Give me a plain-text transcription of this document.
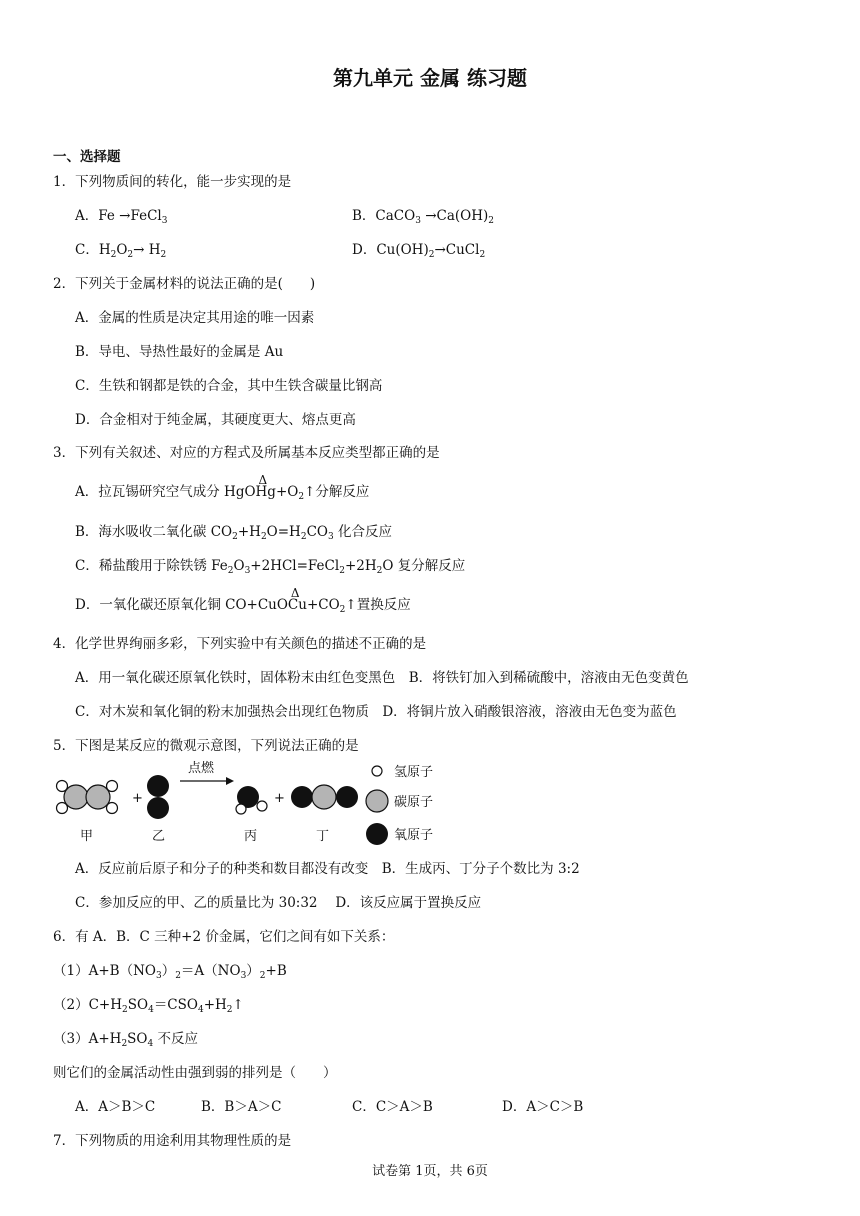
第九单元 金属 练习题
一、选择题
1．下列物质间的转化，能一步实现的是
A．Fe →FeCl$_3$	B．CaCO$_3$ $\to Ca(OH)_2$
C．$H_2O_2\to H_2$	D．$Cu(OH)_2\to CuCl_2$
2．下列关于金属材料的说法正确的是(　　)
A．金属的性质是决定其用途的唯一因素
B．导电、导热性最好的金属是 Au
C．生铁和钢都是铁的合金，其中生铁含碳量比钢高
D．合金相对于纯金属，其硬度更大、熔点更高
3．下列有关叙述、对应的方程式及所属基本反应类型都正确的是
A．拉瓦锡研究空气成分 HgO
Δ
$Hg+O_2↑$分解反应
B．海水吸收二氧化碳 $CO_2+H_2O=H_2CO_3$ 化合反应
C．稀盐酸用于除铁锈 $Fe_2O_3+2HCl=FeCl_2+2H_2O$ 复分解反应
D．一氧化碳还原氧化铜 CO+CuO
Δ
$Cu+CO_2↑$置换反应
4．化学世界绚丽多彩，下列实验中有关颜色的描述不正确的是
A．用一氧化碳还原氧化铁时，固体粉末由红色变黑色　B．将铁钉加入到稀硫酸中，溶液由无色变黄色
C．对木炭和氧化铜的粉末加强热会出现红色物质　D．将铜片放入硝酸银溶液，溶液由无色变为蓝色
5．下图是某反应的微观示意图，下列说法正确的是
+
点燃
+
甲	乙	丙	丁
氢原子
碳原子
氧原子
A．反应前后原子和分子的种类和数目都没有改变　B．生成丙、丁分子个数比为 3:2
C．参加反应的甲、乙的质量比为 30:32　 D．该反应属于置换反应
6．有 A．B．C 三种+2 价金属，它们之间有如下关系：
$(1)A+B(NO_3)_2=A(NO_3)_2+B$
$(2)C+H_2SO_4=CSO_4+H_2↑$
$(3)A+H_2SO_4$ 不反应
则它们的金属活动性由强到弱的排列是（　　）
A．A＞B＞C	B．B＞A＞C	C．C＞A＞B	D．A＞C＞B
7．下列物质的用途利用其物理性质的是
试卷第 1页，共 6页
